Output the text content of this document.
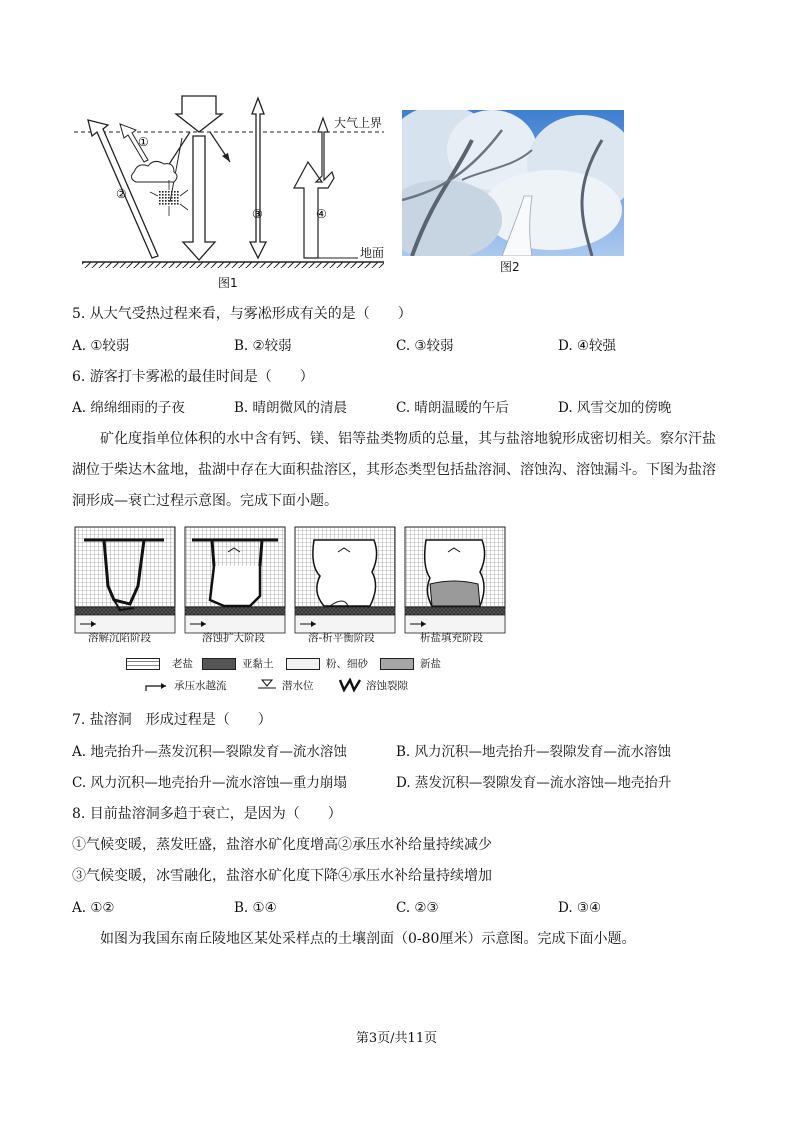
①
②
③	④
大气上界
地面
图1
图2
5. 从大气受热过程来看，与雾凇形成有关的是（　　）
A. ①较弱	B. ②较弱	C. ③较弱	D. ④较强
6. 游客打卡雾凇的最佳时间是（　　）
A. 绵绵细雨的子夜	B. 晴朗微风的清晨	C. 晴朗温暖的午后	D. 风雪交加的傍晚
矿化度指单位体积的水中含有钙、镁、铝等盐类物质的总量，其与盐溶地貌形成密切相关。察尔汗盐湖位于柴达木盆地，盐湖中存在大面积盐溶区，其形态类型包括盐溶洞、溶蚀沟、溶蚀漏斗。下图为盐溶洞形成—衰亡过程示意图。完成下面小题。
溶解沉陷阶段	溶蚀扩大阶段	溶-析平衡阶段	析盐填充阶段
老盐	亚黏土	粉、细砂	新盐
承压水越流	潜水位	溶蚀裂隙
7. 盐溶洞　形成过程是（　　）
A. 地壳抬升—蒸发沉积—裂隙发育—流水溶蚀	B. 风力沉积—地壳抬升—裂隙发育—流水溶蚀
C. 风力沉积—地壳抬升—流水溶蚀—重力崩塌	D. 蒸发沉积—裂隙发育—流水溶蚀—地壳抬升
8. 目前盐溶洞多趋于衰亡，是因为（　　）
①气候变暖，蒸发旺盛，盐溶水矿化度增高②承压水补给量持续减少
③气候变暖，冰雪融化，盐溶水矿化度下降④承压水补给量持续增加
A. ①②	B. ①④	C. ②③	D. ③④
如图为我国东南丘陵地区某处采样点的土壤剖面（0-80厘米）示意图。完成下面小题。
第3页/共11页
